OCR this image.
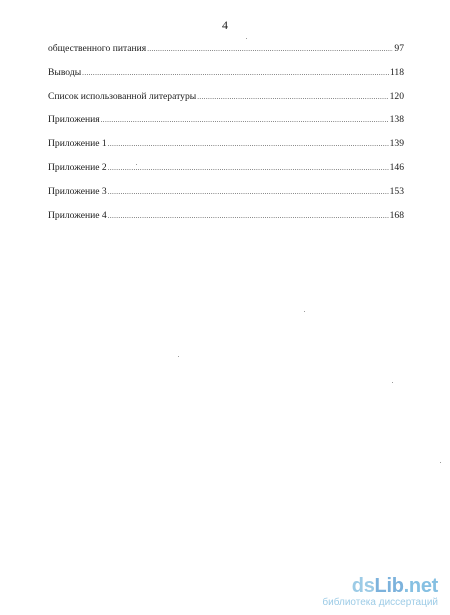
4
общественного питания .....	97
Выводы .....	118
Список использованной литературы .....	120
Приложения .....	138
Приложение 1 .....	139
Приложение 2 .....	146
Приложение 3 .....	153
Приложение 4 .....	168
dsLib.net
библиотека диссертаций
